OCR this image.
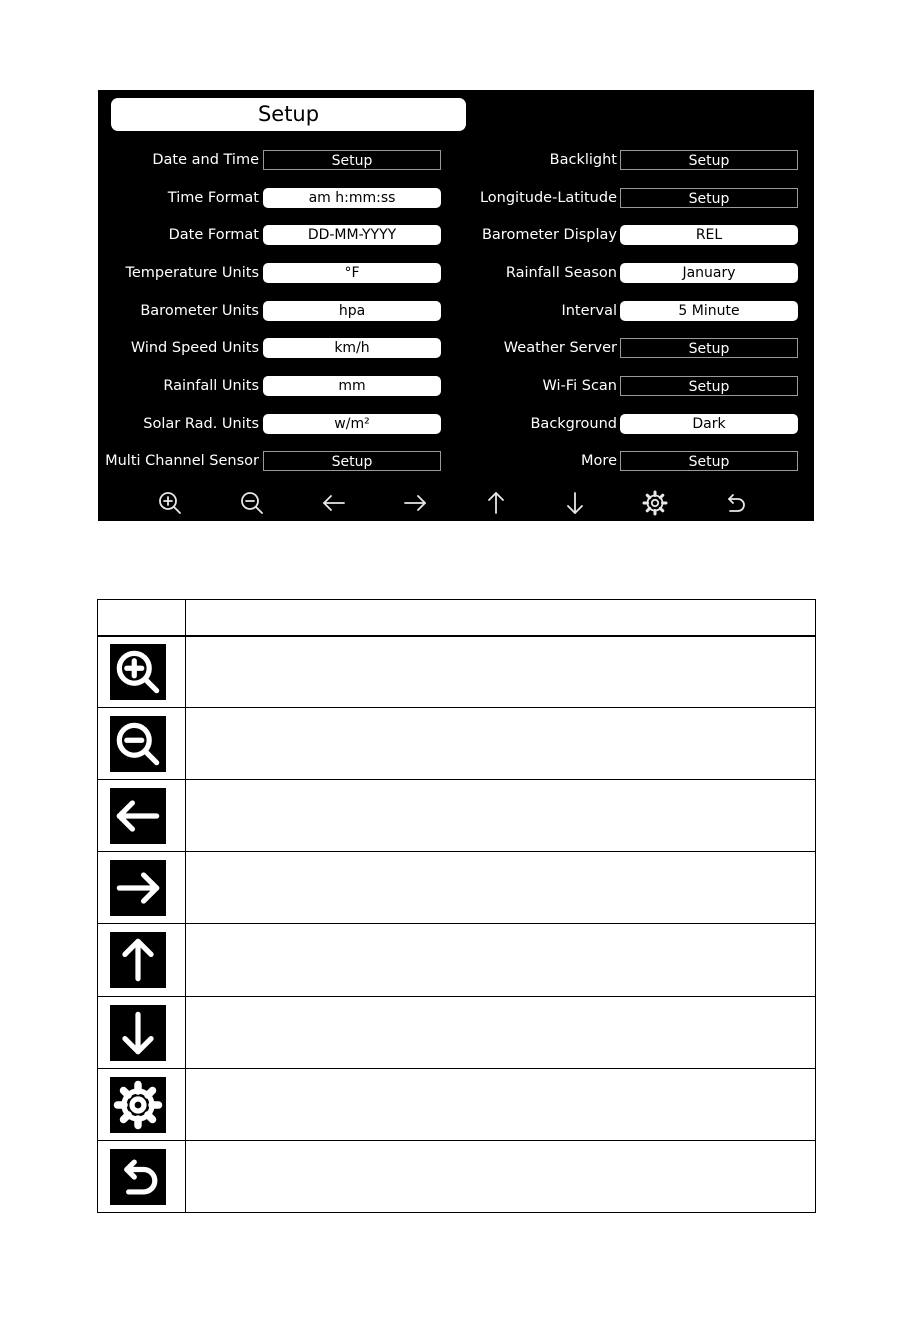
Setup
Date and Time	Setup
Time Format	am h:mm:ss
Date Format	DD-MM-YYYY
Temperature Units	°F
Barometer Units	hpa
Wind Speed Units	km/h
Rainfall Units	mm
Solar Rad. Units	w/m²
Multi Channel Sensor	Setup
Backlight	Setup
Longitude-Latitude	Setup
Barometer Display	REL
Rainfall Season	January
Interval	5 Minute
Weather Server	Setup
Wi-Fi Scan	Setup
Background	Dark
More	Setup
